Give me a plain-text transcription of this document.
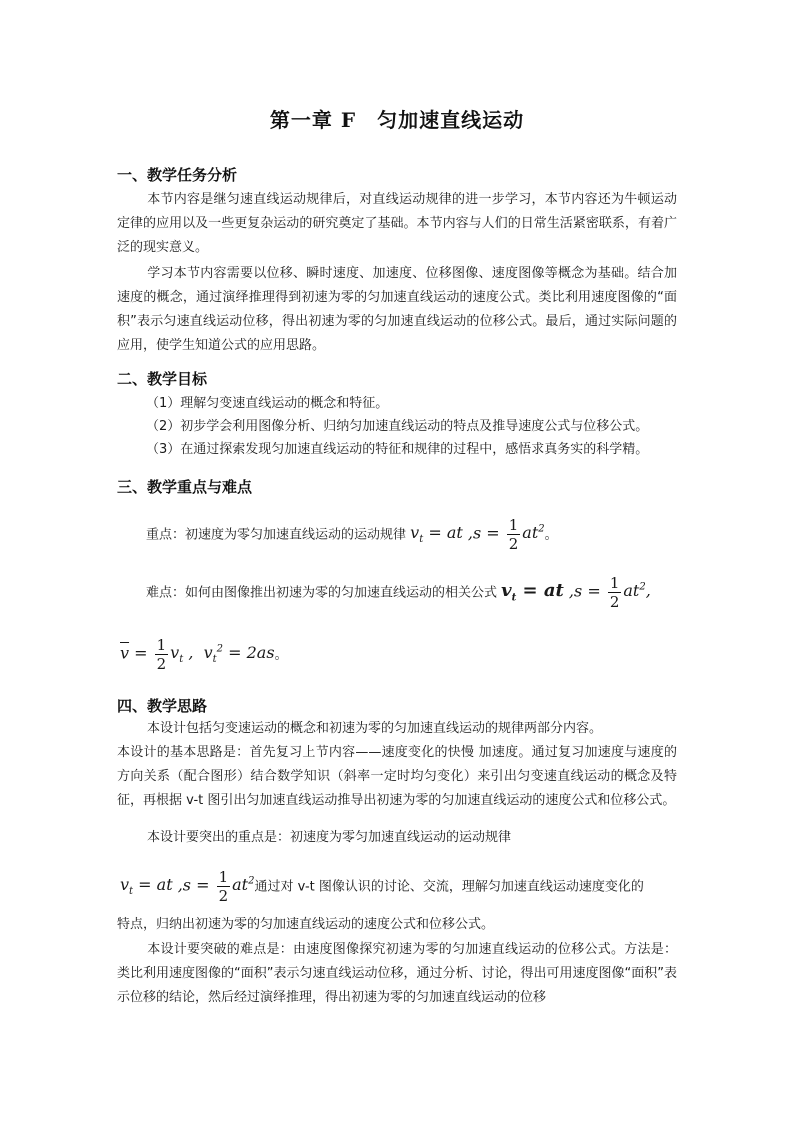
第一章 F　匀加速直线运动
一、教学任务分析
本节内容是继匀速直线运动规律后，对直线运动规律的进一步学习，本节内容还为牛顿运动定律的应用以及一些更复杂运动的研究奠定了基础。本节内容与人们的日常生活紧密联系，有着广泛的现实意义。
学习本节内容需要以位移、瞬时速度、加速度、位移图像、速度图像等概念为基础。结合加速度的概念，通过演绎推理得到初速为零的匀加速直线运动的速度公式。类比利用速度图像的“面积”表示匀速直线运动位移，得出初速为零的匀加速直线运动的位移公式。最后，通过实际问题的应用，使学生知道公式的应用思路。
二、教学目标
（1）理解匀变速直线运动的概念和特征。
（2）初步学会利用图像分析、归纳匀加速直线运动的特点及推导速度公式与位移公式。
（3）在通过探索发现匀加速直线运动的特征和规律的过程中，感悟求真务实的科学精。
三、教学重点与难点
重点：初速度为零匀加速直线运动的运动规律 $v_t$ = at $,s = \frac{1}{2} at^2$。
难点：如何由图像推出初速为零的匀加速直线运动的相关公式 $v_t$ = at $,s = \frac{1}{2} at^2$,
$\overline{v} = \frac{1}{2} v_t$ ,  $v_t^2 = 2as$。
四、教学思路
本设计包括匀变速运动的概念和初速为零的匀加速直线运动的规律两部分内容。
本设计的基本思路是：首先复习上节内容——速度变化的快慢 加速度。通过复习加速度与速度的方向关系（配合图形）结合数学知识（斜率一定时均匀变化）来引出匀变速直线运动的概念及特征，再根据 v-t 图引出匀加速直线运动推导出初速为零的匀加速直线运动的速度公式和位移公式。
本设计要突出的重点是：初速度为零匀加速直线运动的运动规律
$v_t$ = at $,s = \frac{1}{2} at^2$通过对 v-t 图像认识的讨论、交流，理解匀加速直线运动速度变化的
特点，归纳出初速为零的匀加速直线运动的速度公式和位移公式。
本设计要突破的难点是：由速度图像探究初速为零的匀加速直线运动的位移公式。方法是：类比利用速度图像的“面积”表示匀速直线运动位移，通过分析、讨论，得出可用速度图像“面积”表示位移的结论，然后经过演绎推理，得出初速为零的匀加速直线运动的位移
